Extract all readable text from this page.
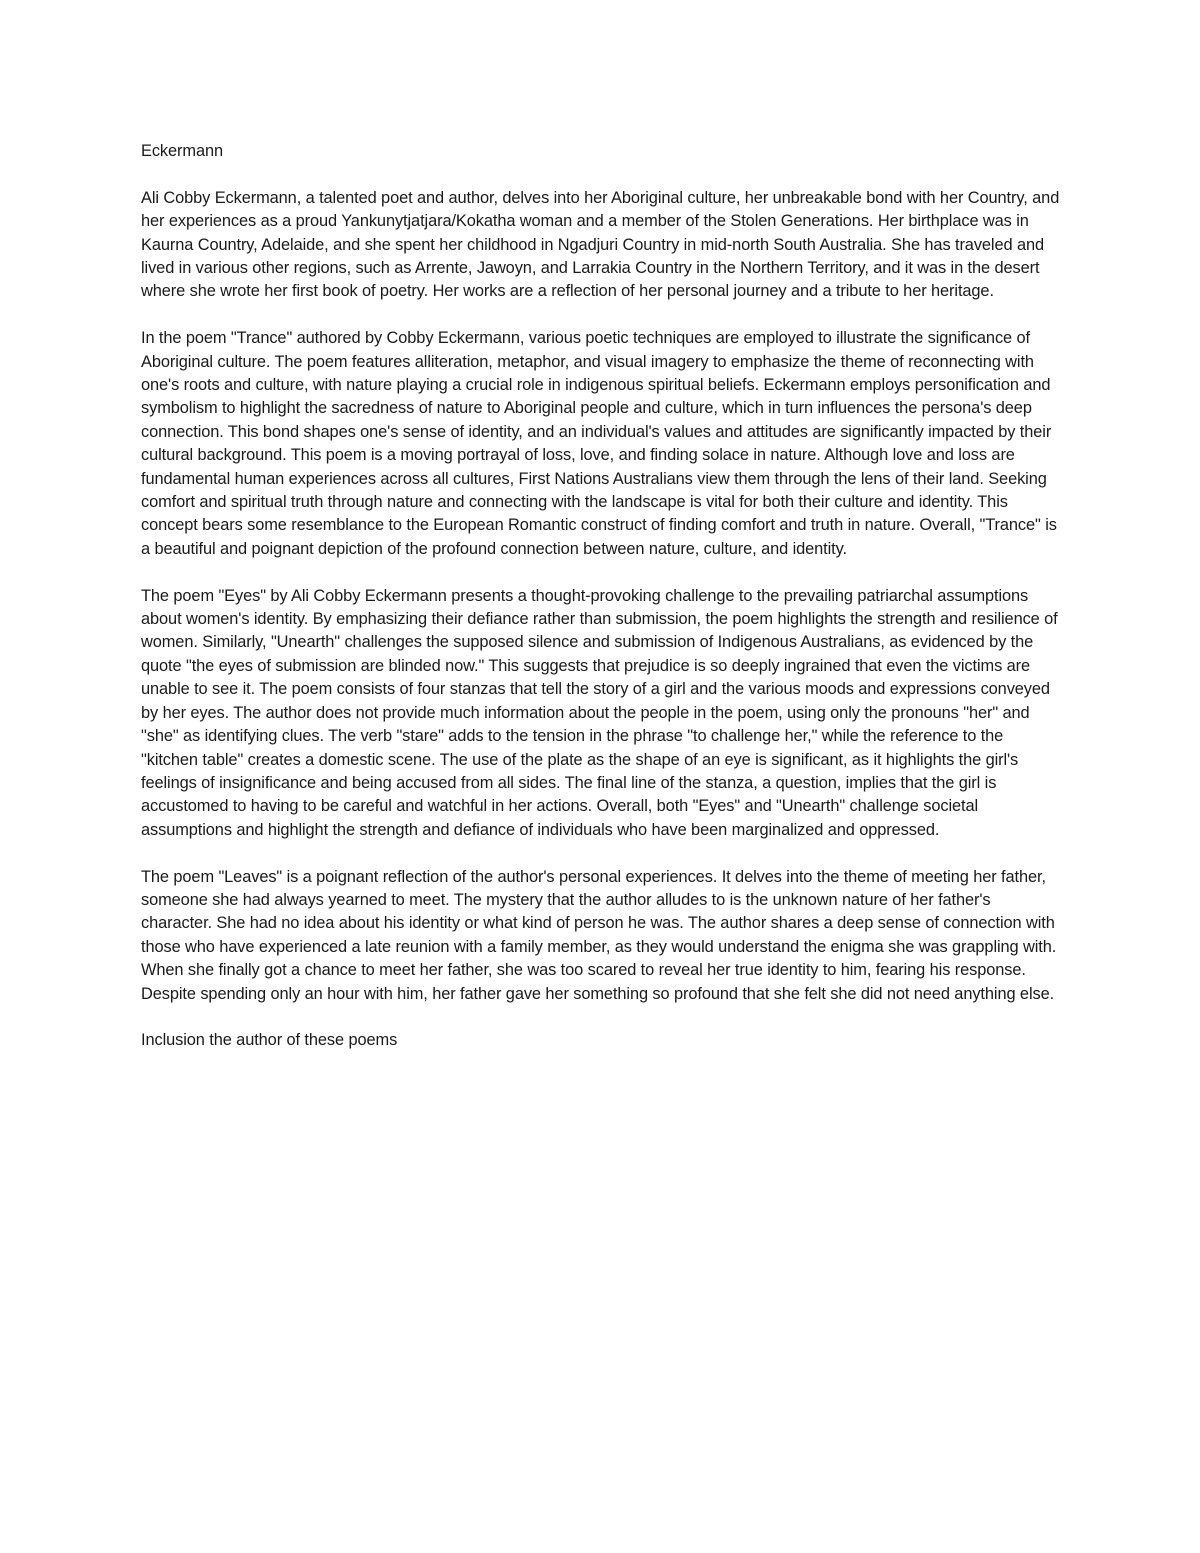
Eckermann

Ali Cobby Eckermann, a talented poet and author, delves into her Aboriginal culture, her unbreakable bond with her Country, and her experiences as a proud Yankunytjatjara/Kokatha woman and a member of the Stolen Generations. Her birthplace was in Kaurna Country, Adelaide, and she spent her childhood in Ngadjuri Country in mid-north South Australia. She has traveled and lived in various other regions, such as Arrente, Jawoyn, and Larrakia Country in the Northern Territory, and it was in the desert where she wrote her first book of poetry. Her works are a reflection of her personal journey and a tribute to her heritage.

In the poem "Trance" authored by Cobby Eckermann, various poetic techniques are employed to illustrate the significance of Aboriginal culture. The poem features alliteration, metaphor, and visual imagery to emphasize the theme of reconnecting with one's roots and culture, with nature playing a crucial role in indigenous spiritual beliefs. Eckermann employs personification and symbolism to highlight the sacredness of nature to Aboriginal people and culture, which in turn influences the persona's deep connection. This bond shapes one's sense of identity, and an individual's values and attitudes are significantly impacted by their cultural background. This poem is a moving portrayal of loss, love, and finding solace in nature. Although love and loss are fundamental human experiences across all cultures, First Nations Australians view them through the lens of their land. Seeking comfort and spiritual truth through nature and connecting with the landscape is vital for both their culture and identity. This concept bears some resemblance to the European Romantic construct of finding comfort and truth in nature. Overall, "Trance" is a beautiful and poignant depiction of the profound connection between nature, culture, and identity.

The poem "Eyes" by Ali Cobby Eckermann presents a thought-provoking challenge to the prevailing patriarchal assumptions about women's identity. By emphasizing their defiance rather than submission, the poem highlights the strength and resilience of women. Similarly, "Unearth" challenges the supposed silence and submission of Indigenous Australians, as evidenced by the quote "the eyes of submission are blinded now." This suggests that prejudice is so deeply ingrained that even the victims are unable to see it. The poem consists of four stanzas that tell the story of a girl and the various moods and expressions conveyed by her eyes. The author does not provide much information about the people in the poem, using only the pronouns "her" and "she" as identifying clues. The verb "stare" adds to the tension in the phrase "to challenge her," while the reference to the "kitchen table" creates a domestic scene. The use of the plate as the shape of an eye is significant, as it highlights the girl's feelings of insignificance and being accused from all sides. The final line of the stanza, a question, implies that the girl is accustomed to having to be careful and watchful in her actions. Overall, both "Eyes" and "Unearth" challenge societal assumptions and highlight the strength and defiance of individuals who have been marginalized and oppressed.

The poem "Leaves" is a poignant reflection of the author's personal experiences. It delves into the theme of meeting her father, someone she had always yearned to meet. The mystery that the author alludes to is the unknown nature of her father's character. She had no idea about his identity or what kind of person he was. The author shares a deep sense of connection with those who have experienced a late reunion with a family member, as they would understand the enigma she was grappling with. When she finally got a chance to meet her father, she was too scared to reveal her true identity to him, fearing his response. Despite spending only an hour with him, her father gave her something so profound that she felt she did not need anything else.

Inclusion the author of these poems
